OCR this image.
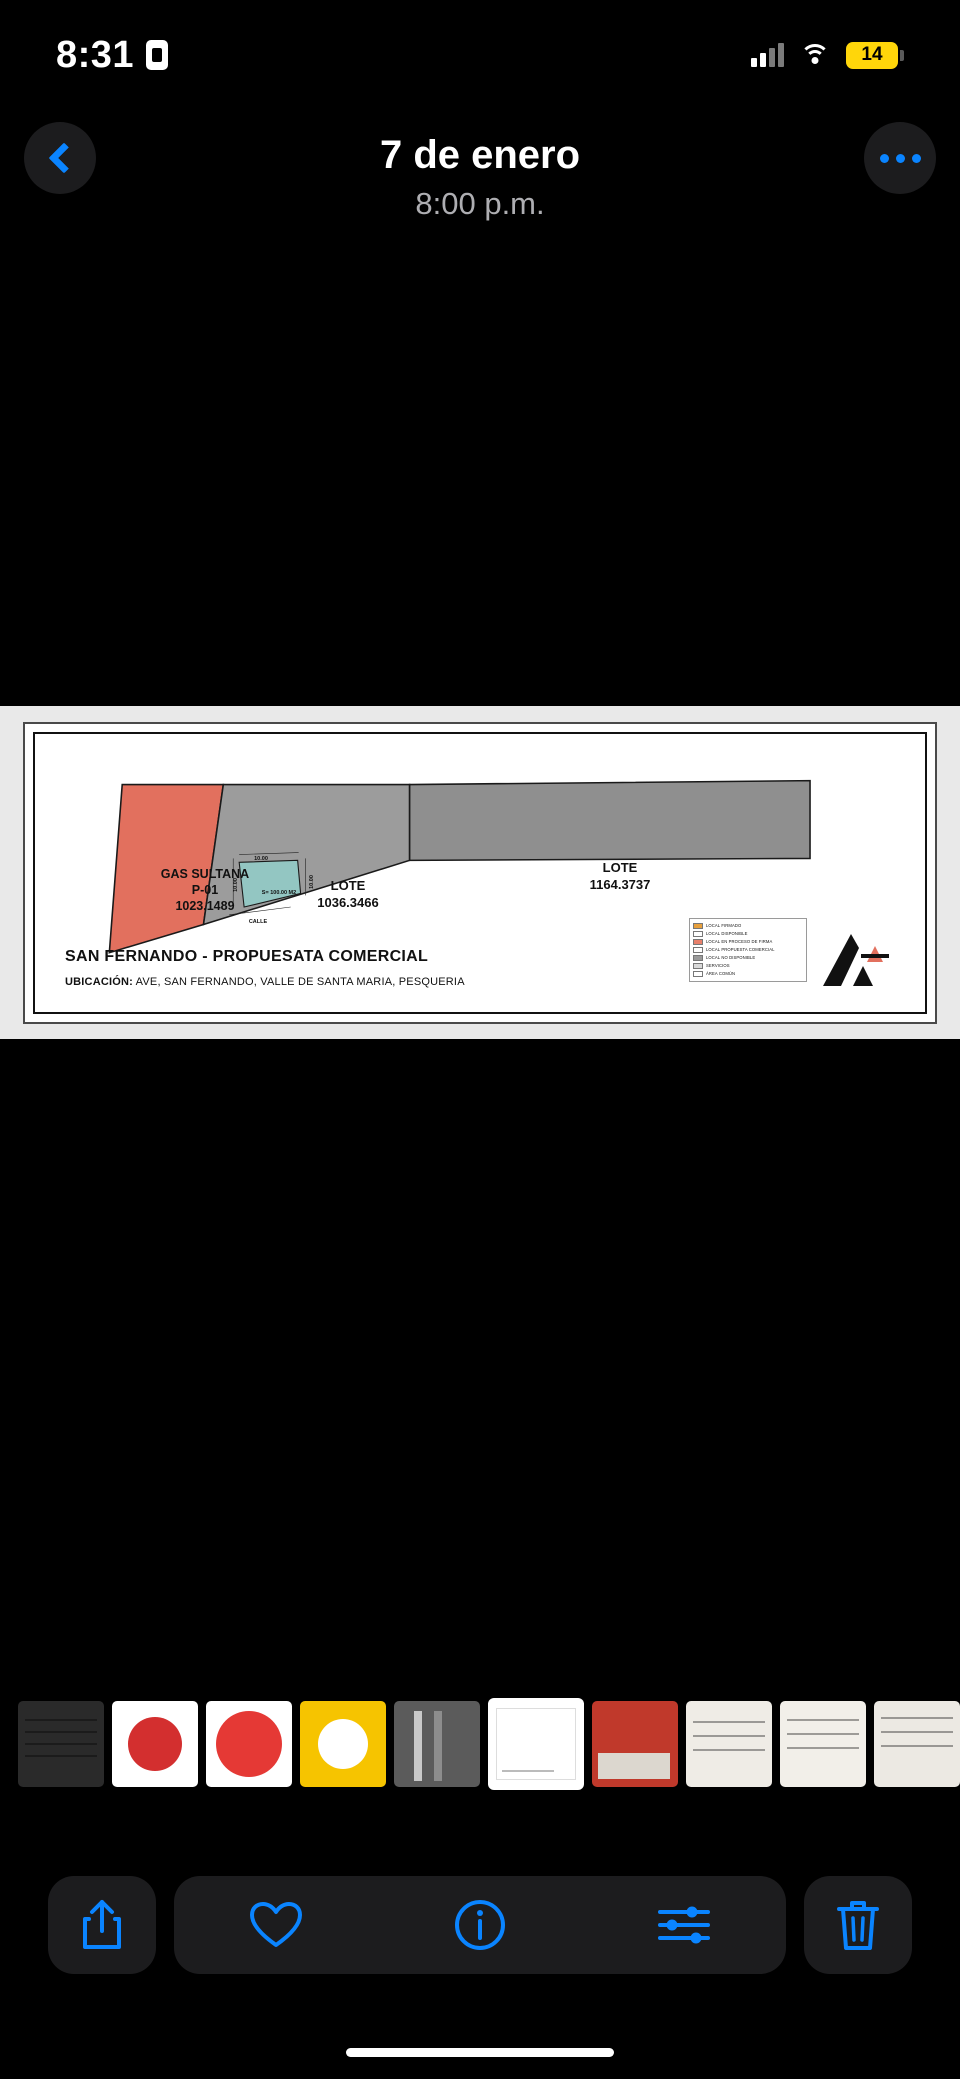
8:31	14
7 de enero
8:00 p.m.
GAS SULTANA
P-01
1023.1489
LOTE
1036.3466
LOTE
1164.3737
S= 100.00 M2
10.00
10.00	10.00
CALLE
SAN FERNANDO - PROPUESATA COMERCIAL
UBICACIÓN: AVE, SAN FERNANDO, VALLE DE SANTA MARIA, PESQUERIA
LOCAL FIRMADO
LOCAL DISPONIBLE
LOCAL EN PROCESO DE FIRMA
LOCAL PROPUESTA COMERCIAL
LOCAL NO DISPONIBLE
SERVICIOS
ÁREA COMÚN
